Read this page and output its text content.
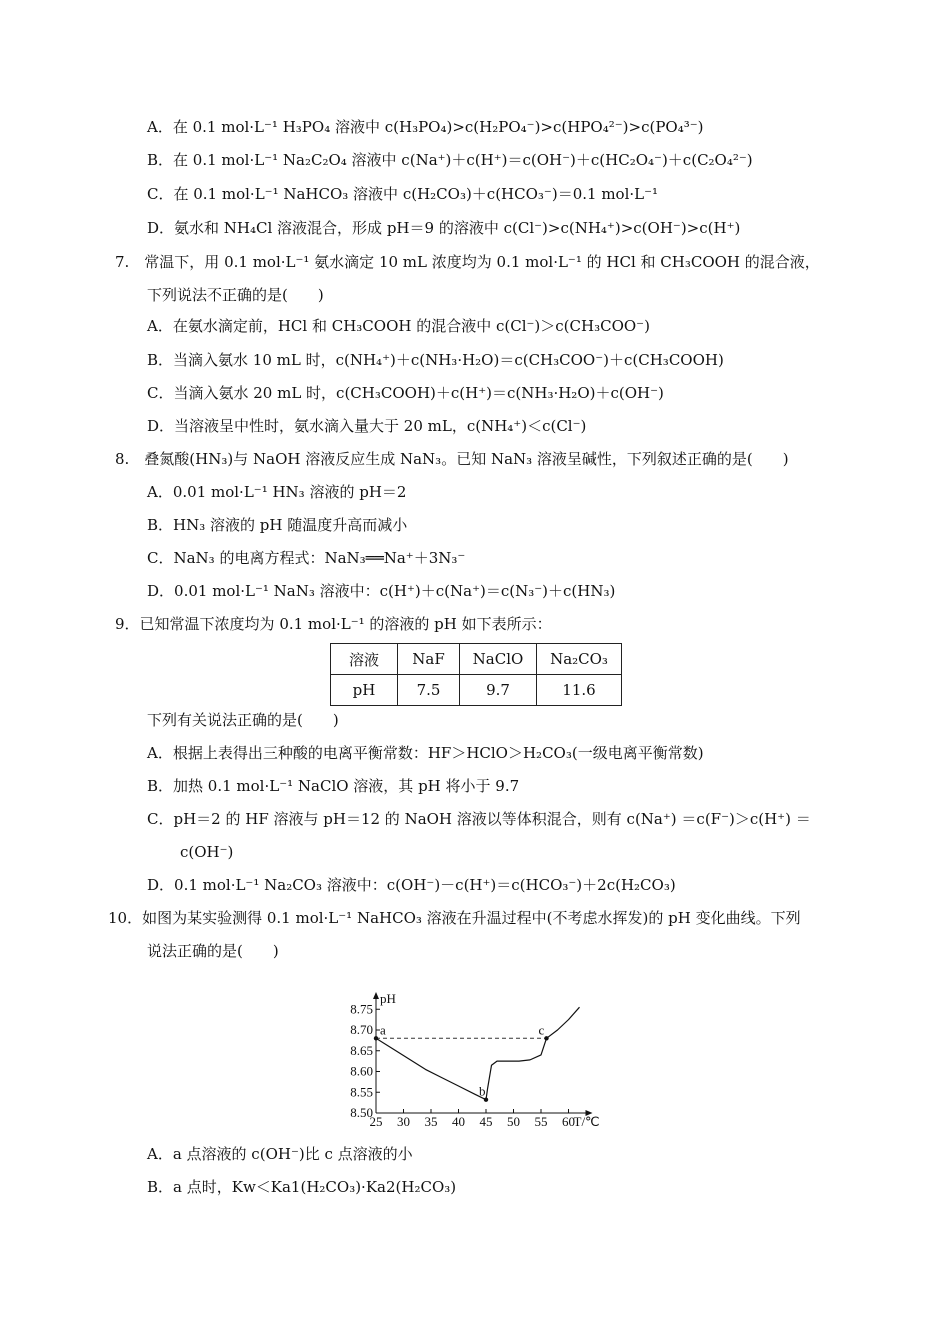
A．在 0.1 mol·L⁻¹ H₃PO₄ 溶液中 c(H₃PO₄)>c(H₂PO₄⁻)>c(HPO₄²⁻)>c(PO₄³⁻)
B．在 0.1 mol·L⁻¹ Na₂C₂O₄ 溶液中 c(Na⁺)＋c(H⁺)＝c(OH⁻)＋c(HC₂O₄⁻)＋c(C₂O₄²⁻)
C．在 0.1 mol·L⁻¹ NaHCO₃ 溶液中 c(H₂CO₃)＋c(HCO₃⁻)＝0.1 mol·L⁻¹
D．氨水和 NH₄Cl 溶液混合，形成 pH＝9 的溶液中 c(Cl⁻)>c(NH₄⁺)>c(OH⁻)>c(H⁺)
7.　常温下，用 0.1 mol·L⁻¹ 氨水滴定 10 mL 浓度均为 0.1 mol·L⁻¹ 的 HCl 和 CH₃COOH 的混合液，
下列说法不正确的是(　　)
A．在氨水滴定前，HCl 和 CH₃COOH 的混合液中 c(Cl⁻)＞c(CH₃COO⁻)
B．当滴入氨水 10 mL 时，c(NH₄⁺)＋c(NH₃·H₂O)＝c(CH₃COO⁻)＋c(CH₃COOH)
C．当滴入氨水 20 mL 时，c(CH₃COOH)＋c(H⁺)＝c(NH₃·H₂O)＋c(OH⁻)
D．当溶液呈中性时，氨水滴入量大于 20 mL，c(NH₄⁺)＜c(Cl⁻)
8.　叠氮酸(HN₃)与 NaOH 溶液反应生成 NaN₃。已知 NaN₃ 溶液呈碱性，下列叙述正确的是(　　)
A．0.01 mol·L⁻¹ HN₃ 溶液的 pH＝2
B．HN₃ 溶液的 pH 随温度升高而减小
C．NaN₃ 的电离方程式：NaN₃══Na⁺＋3N₃⁻
D．0.01 mol·L⁻¹ NaN₃ 溶液中：c(H⁺)＋c(Na⁺)＝c(N₃⁻)＋c(HN₃)
9．已知常温下浓度均为 0.1 mol·L⁻¹ 的溶液的 pH 如下表所示：
溶液	NaF	NaClO	Na₂CO₃
pH	7.5	9.7	11.6
下列有关说法正确的是(　　)
A．根据上表得出三种酸的电离平衡常数：HF＞HClO＞H₂CO₃(一级电离平衡常数)
B．加热 0.1 mol·L⁻¹ NaClO 溶液，其 pH 将小于 9.7
C．pH＝2 的 HF 溶液与 pH＝12 的 NaOH 溶液以等体积混合，则有 c(Na⁺) ＝c(F⁻)＞c(H⁺) ＝
c(OH⁻)
D．0.1 mol·L⁻¹ Na₂CO₃ 溶液中：c(OH⁻)－c(H⁺)＝c(HCO₃⁻)＋2c(H₂CO₃)
10．如图为某实验测得 0.1 mol·L⁻¹ NaHCO₃ 溶液在升温过程中(不考虑水挥发)的 pH 变化曲线。下列
说法正确的是(　　)
pH
T/℃
8.50
8.55
8.60
8.65
8.70
8.75
25 30 35 40 45 50 55 60
a
b
c
A．a 点溶液的 c(OH⁻)比 c 点溶液的小
B．a 点时，Kw＜Ka1(H₂CO₃)·Ka2(H₂CO₃)
